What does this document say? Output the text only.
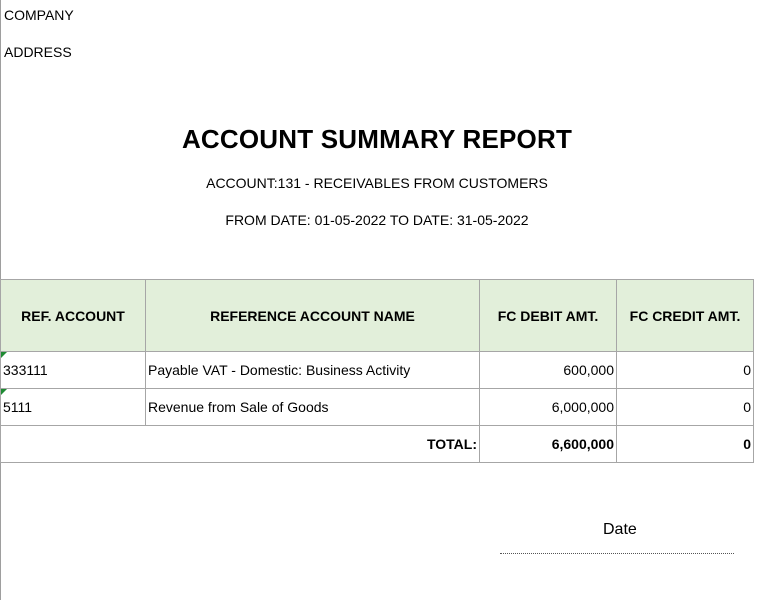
COMPANY
ADDRESS
ACCOUNT SUMMARY REPORT
ACCOUNT:131 - RECEIVABLES FROM CUSTOMERS
FROM DATE: 01-05-2022 TO DATE: 31-05-2022
REF. ACCOUNT	REFERENCE ACCOUNT NAME	FC DEBIT AMT.	FC CREDIT AMT.

333111	Payable VAT - Domestic: Business Activity	600,000	0

5111	Revenue from Sale of Goods	6,000,000	0
TOTAL:		6,600,000	0
Date
